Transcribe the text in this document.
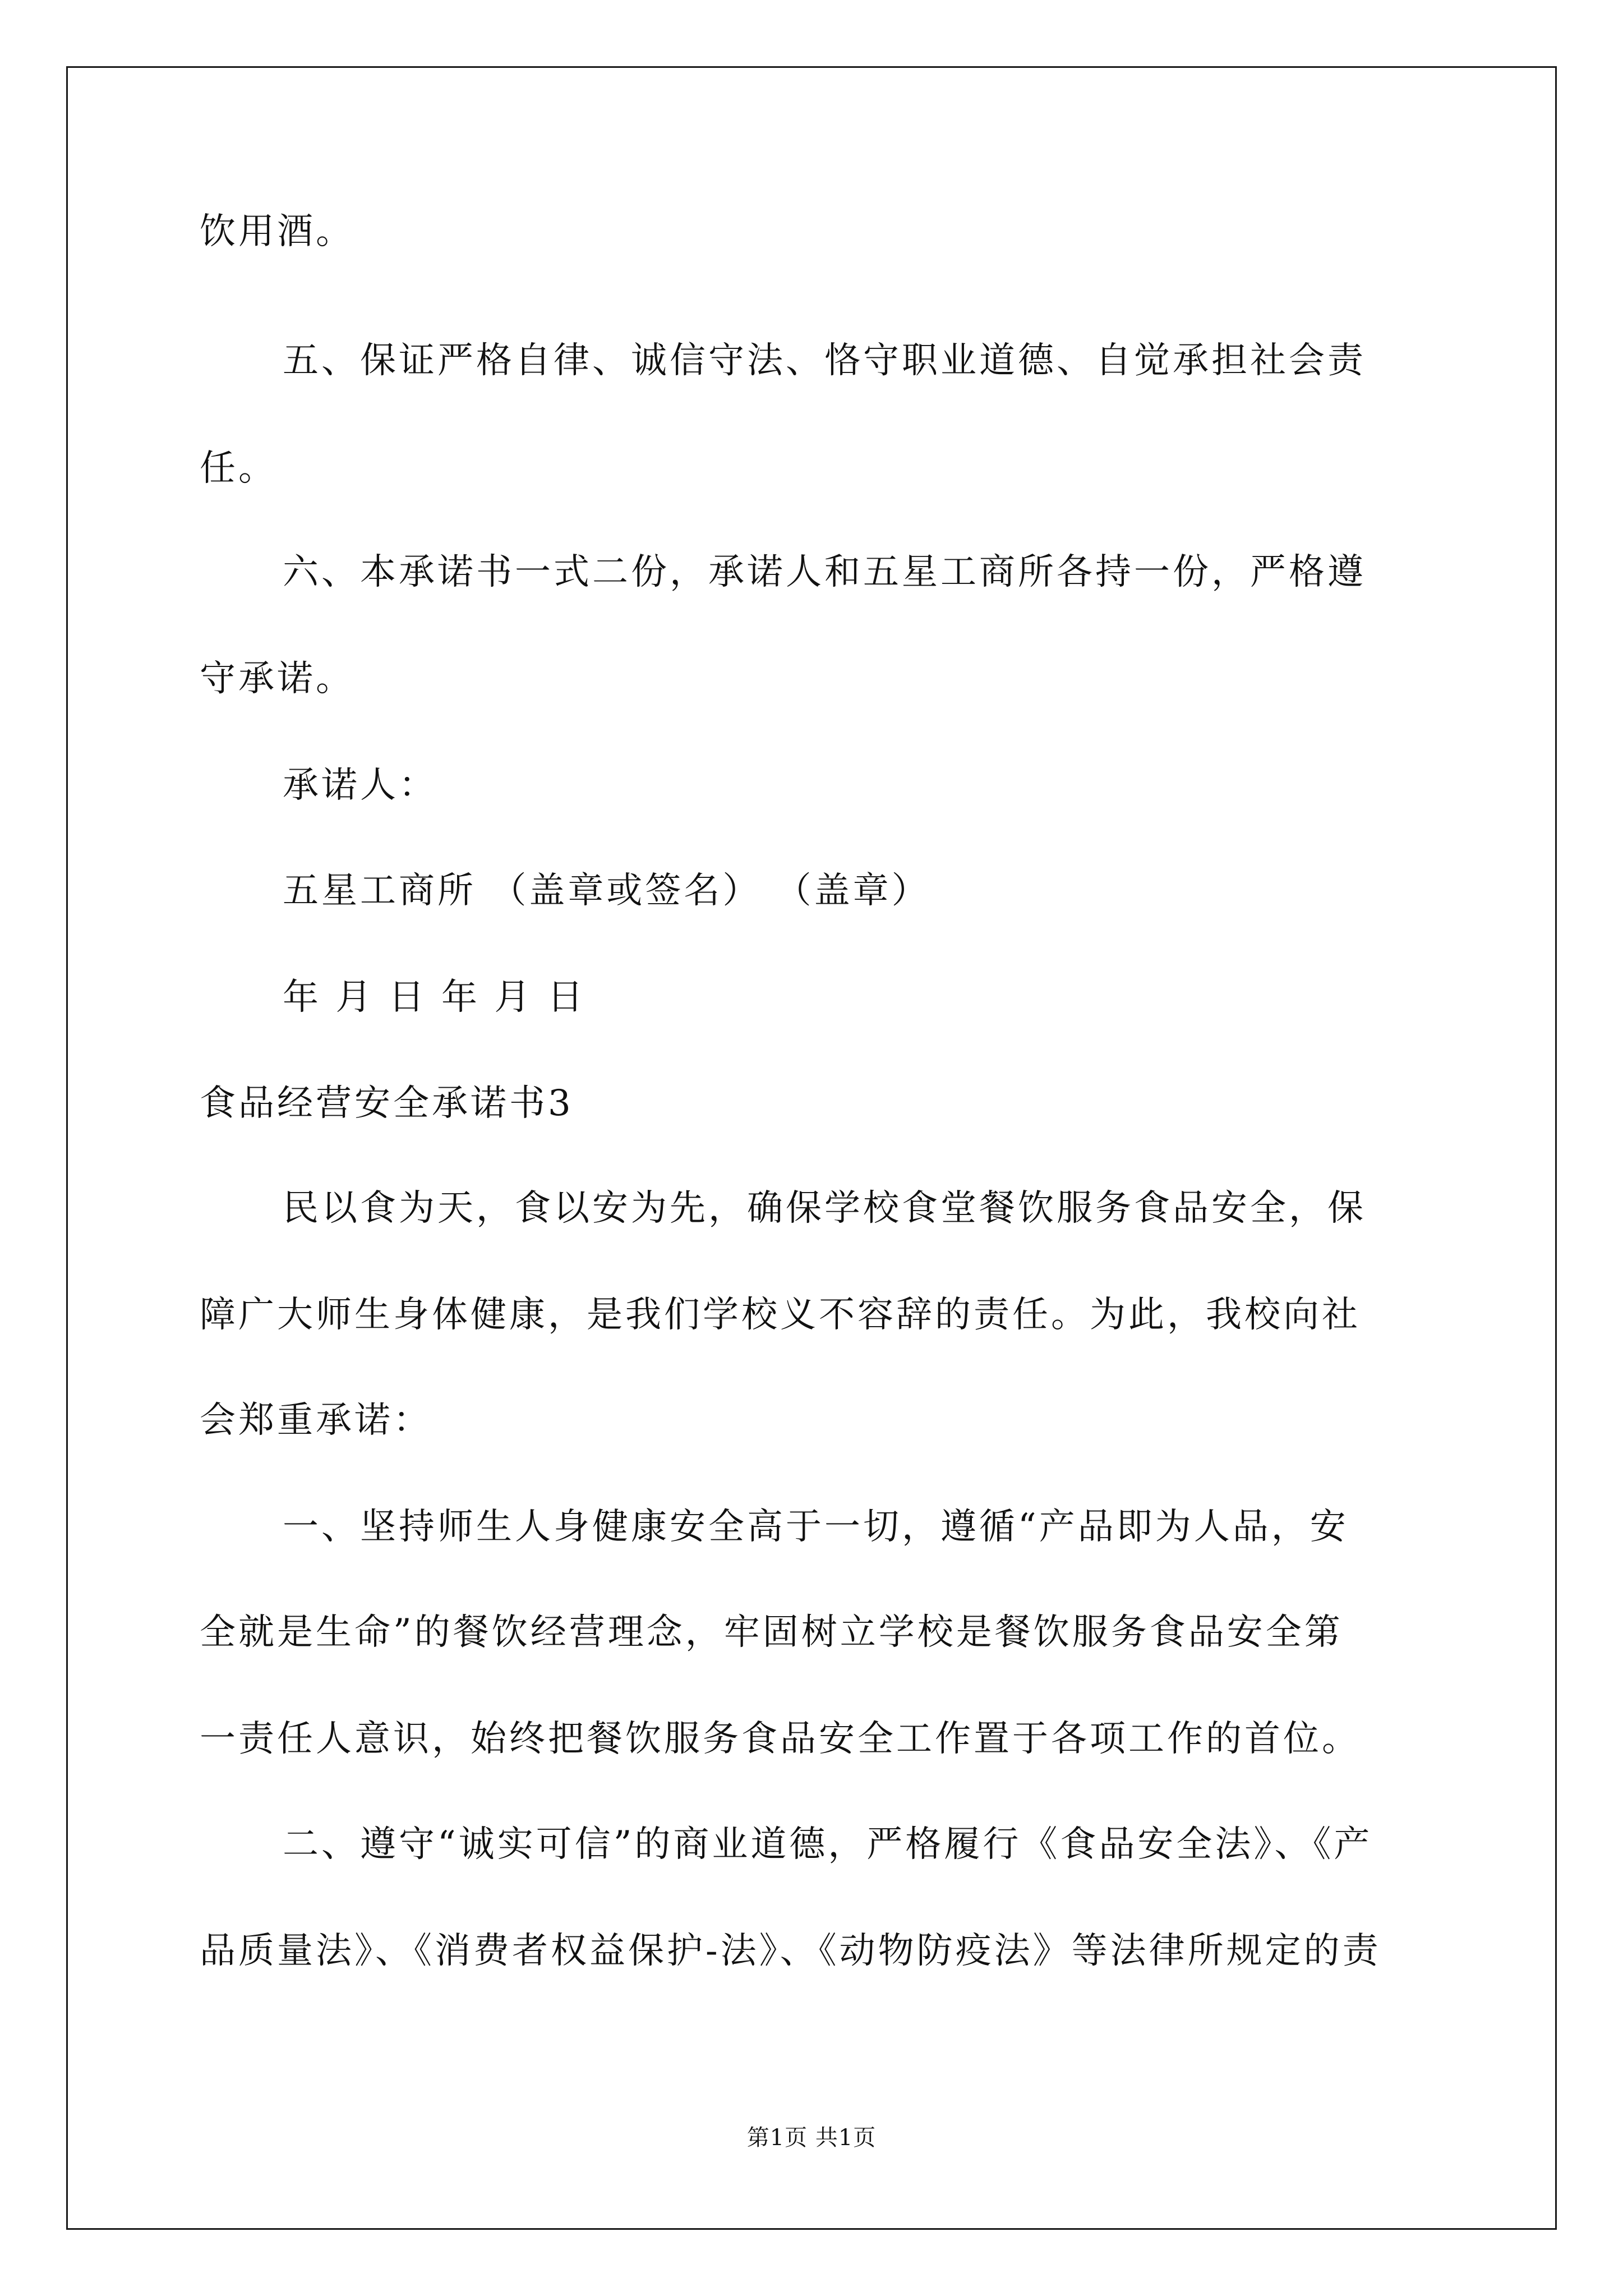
饮用酒。
五、保证严格自律、诚信守法、恪守职业道德、自觉承担社会责
任。
六、本承诺书一式二份，承诺人和五星工商所各持一份，严格遵
守承诺。
承诺人：
五星工商所 （盖章或签名） （盖章）
年 月 日 年 月 日
食品经营安全承诺书3
民以食为天，食以安为先，确保学校食堂餐饮服务食品安全，保
障广大师生身体健康，是我们学校义不容辞的责任。为此，我校向社
会郑重承诺：
一、坚持师生人身健康安全高于一切，遵循“产品即为人品，安
全就是生命”的餐饮经营理念，牢固树立学校是餐饮服务食品安全第
一责任人意识，始终把餐饮服务食品安全工作置于各项工作的首位。
二、遵守“诚实可信”的商业道德，严格履行《食品安全法》、《产
品质量法》、《消费者权益保护-法》、《动物防疫法》等法律所规定的责
第1页 共1页
